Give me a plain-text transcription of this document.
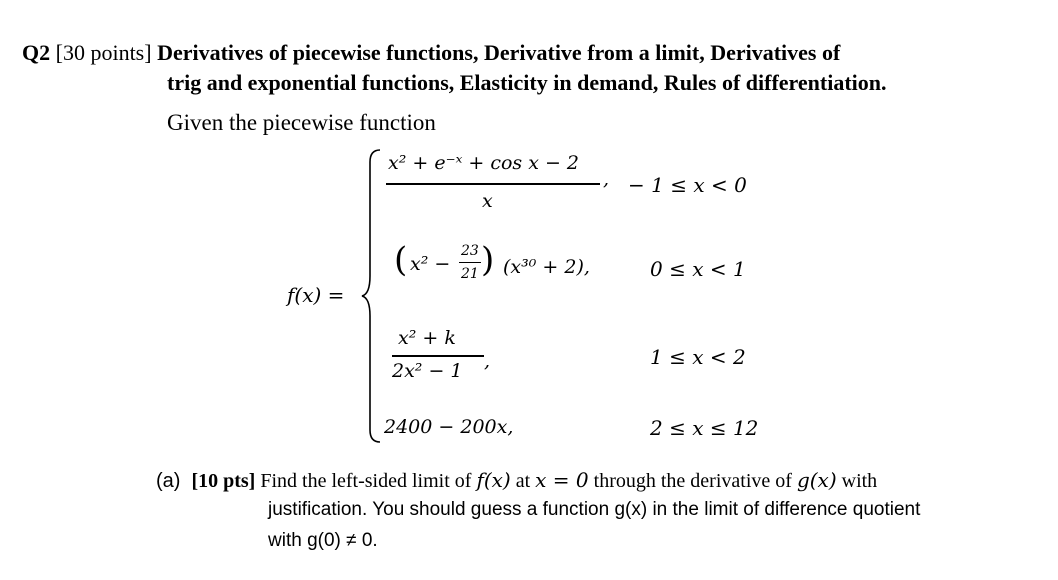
Q2 [30 points] Derivatives of piecewise functions, Derivative from a limit, Derivatives of
trig and exponential functions, Elasticity in demand, Rules of differentiation.
Given the piecewise function
f(x) =
x² + e⁻ˣ + cos x − 2
x
, − 1 ≤ x < 0
( x² −
23
21 ) (x³⁰ + 2),	0 ≤ x < 1
x² + k
2x² − 1 ,	1 ≤ x < 2
2400 − 200x,	2 ≤ x ≤ 12
(a) [10 pts] Find the left-sided limit of f(x) at x = 0 through the derivative of g(x) with
justification. You should guess a function g(x) in the limit of difference quotient
with g(0) ≠ 0.
